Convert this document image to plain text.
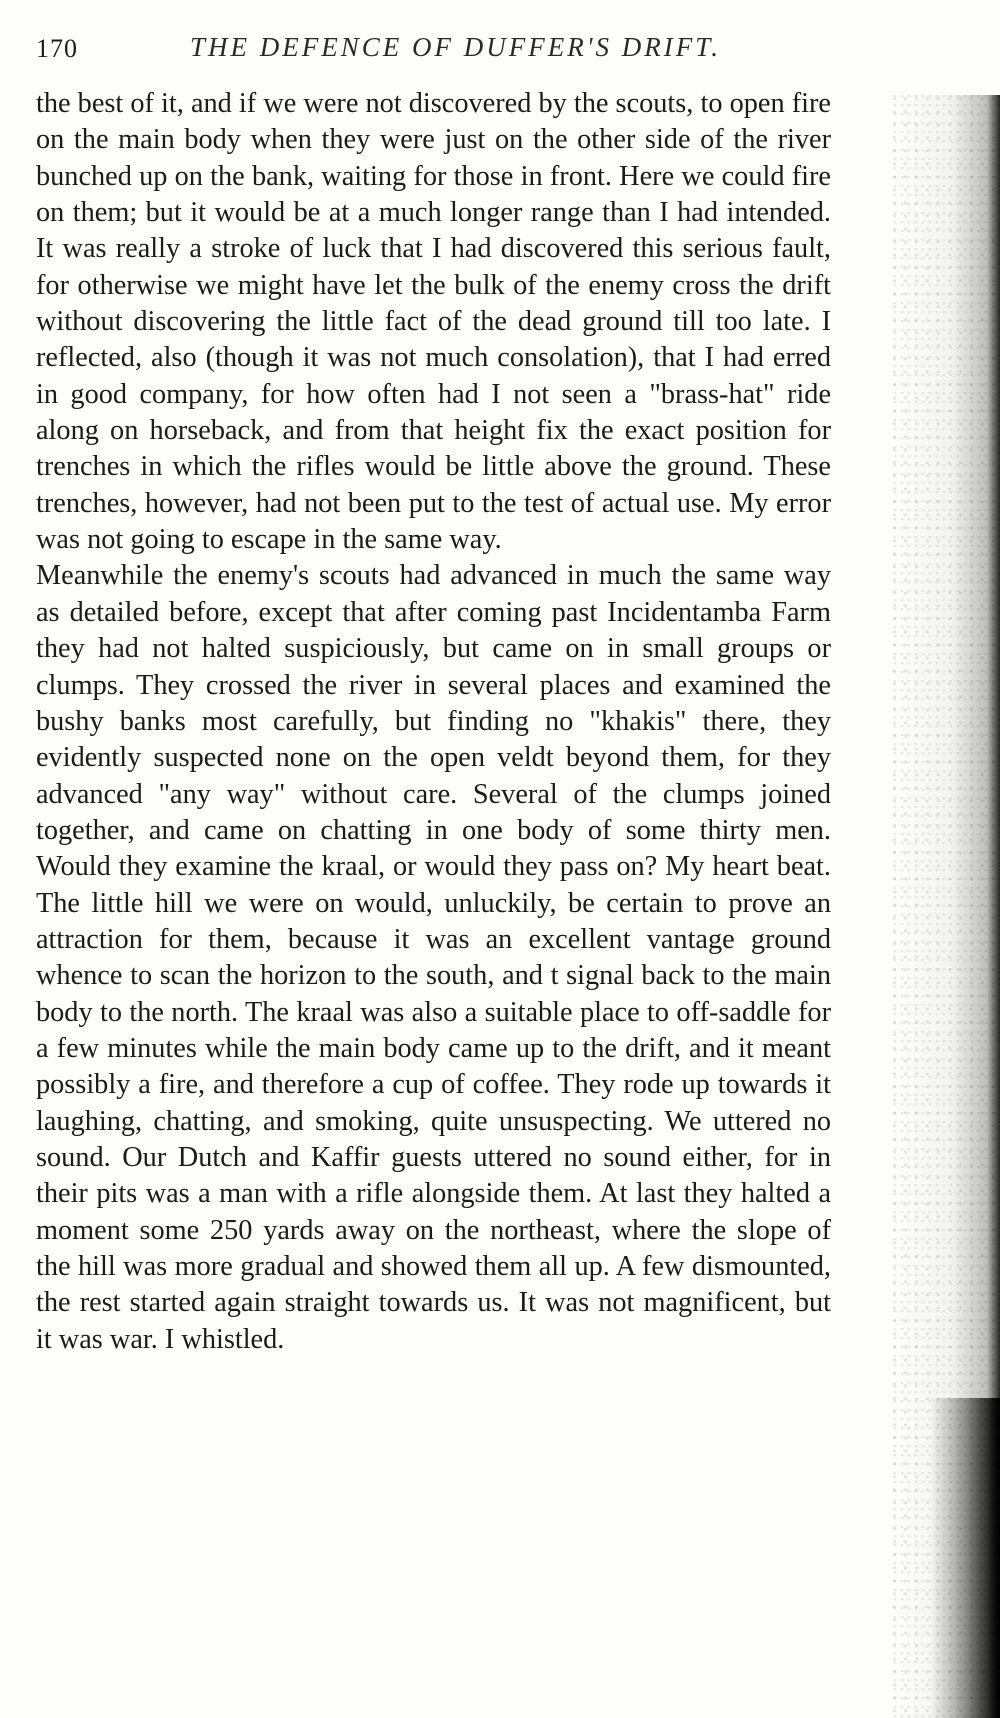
170	THE DEFENCE OF DUFFER'S DRIFT.

the best of it, and if we were not discovered by the scouts, to open fire on the main body when they were just on the other side of the river bunched up on the bank, waiting for those in front. Here we could fire on them; but it would be at a much longer range than I had intended. It was really a stroke of luck that I had discovered this serious fault, for otherwise we might have let the bulk of the enemy cross the drift without discovering the little fact of the dead ground till too late. I reflected, also (though it was not much consolation), that I had erred in good company, for how often had I not seen a "brass-hat" ride along on horseback, and from that height fix the exact position for trenches in which the rifles would be little above the ground. These trenches, however, had not been put to the test of actual use. My error was not going to escape in the same way.

Meanwhile the enemy's scouts had advanced in much the same way as detailed before, except that after coming past Incidentamba Farm they had not halted suspiciously, but came on in small groups or clumps. They crossed the river in several places and examined the bushy banks most carefully, but finding no "khakis" there, they evidently suspected none on the open veldt beyond them, for they advanced "any way" without care. Several of the clumps joined together, and came on chatting in one body of some thirty men. Would they examine the kraal, or would they pass on? My heart beat. The little hill we were on would, unluckily, be certain to prove an attraction for them, because it was an excellent vantage ground whence to scan the horizon to the south, and t signal back to the main body to the north. The kraal was also a suitable place to off-saddle for a few minutes while the main body came up to the drift, and it meant possibly a fire, and therefore a cup of coffee. They rode up towards it laughing, chatting, and smoking, quite unsuspecting. We uttered no sound. Our Dutch and Kaffir guests uttered no sound either, for in their pits was a man with a rifle alongside them. At last they halted a moment some 250 yards away on the northeast, where the slope of the hill was more gradual and showed them all up. A few dismounted, the rest started again straight towards us. It was not magnificent, but it was war. I whistled.
